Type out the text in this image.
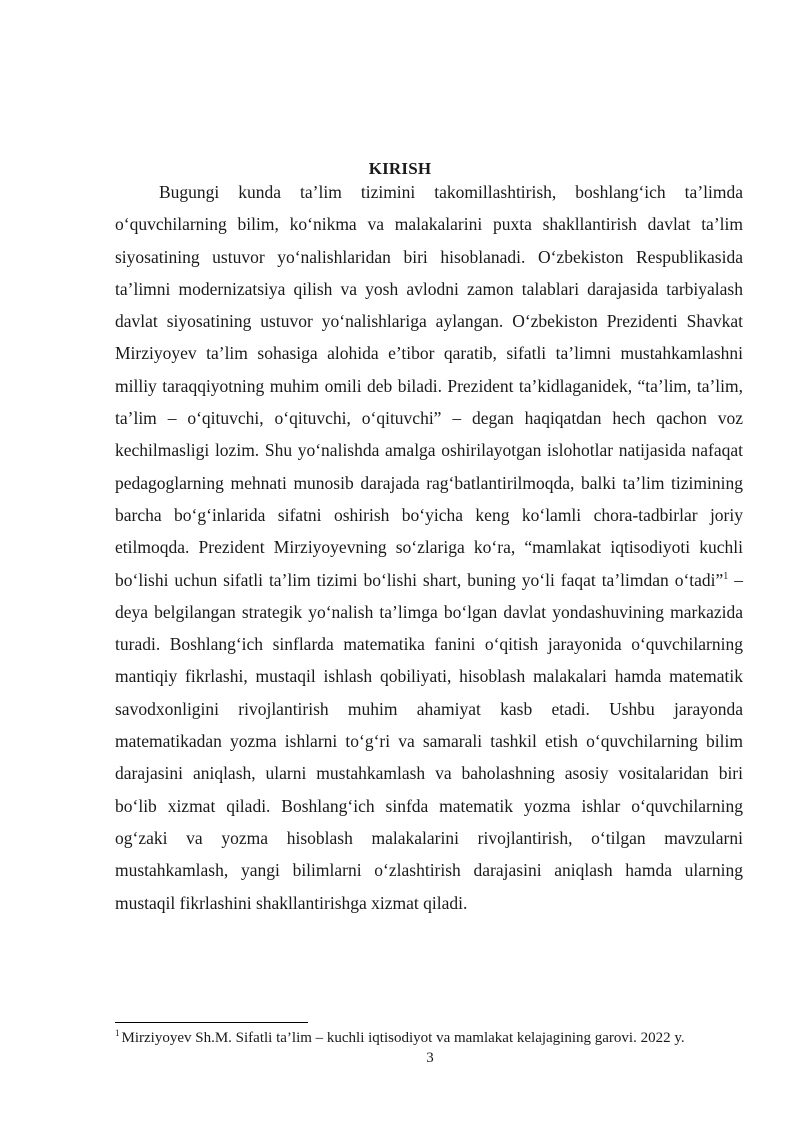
KIRISH

Bugungi kunda ta’lim tizimini takomillashtirish, boshlang‘ich ta’limda o‘quvchilarning bilim, ko‘nikma va malakalarini puxta shakllantirish davlat ta’lim siyosatining ustuvor yo‘nalishlaridan biri hisoblanadi. O‘zbekiston Respublikasida ta’limni modernizatsiya qilish va yosh avlodni zamon talablari darajasida tarbiyalash davlat siyosatining ustuvor yo‘nalishlariga aylangan. O‘zbekiston Prezidenti Shavkat Mirziyoyev ta’lim sohasiga alohida e’tibor qaratib, sifatli ta’limni mustahkamlashni milliy taraqqiyotning muhim omili deb biladi. Prezident ta’kidlaganidek, “ta’lim, ta’lim, ta’lim – o‘qituvchi, o‘qituvchi, o‘qituvchi” – degan haqiqatdan hech qachon voz kechilmasligi lozim. Shu yo‘nalishda amalga oshirilayotgan islohotlar natijasida nafaqat pedagoglarning mehnati munosib darajada rag‘batlantirilmoqda, balki ta’lim tizimining barcha bo‘g‘inlarida sifatni oshirish bo‘yicha keng ko‘lamli chora-tadbirlar joriy etilmoqda. Prezident Mirziyoyevning so‘zlariga ko‘ra, “mamlakat iqtisodiyoti kuchli bo‘lishi uchun sifatli ta’lim tizimi bo‘lishi shart, buning yo‘li faqat ta’limdan o‘tadi”$^1$ – deya belgilangan strategik yo‘nalish ta’limga bo‘lgan davlat yondashuvining markazida turadi. Boshlang‘ich sinflarda matematika fanini o‘qitish jarayonida o‘quvchilarning mantiqiy fikrlashi, mustaqil ishlash qobiliyati, hisoblash malakalari hamda matematik savodxonligini rivojlantirish muhim ahamiyat kasb etadi. Ushbu jarayonda matematikadan yozma ishlarni to‘g‘ri va samarali tashkil etish o‘quvchilarning bilim darajasini aniqlash, ularni mustahkamlash va baholashning asosiy vositalaridan biri bo‘lib xizmat qiladi. Boshlang‘ich sinfda matematik yozma ishlar o‘quvchilarning og‘zaki va yozma hisoblash malakalarini rivojlantirish, o‘tilgan mavzularni mustahkamlash, yangi bilimlarni o‘zlashtirish darajasini aniqlash hamda ularning mustaqil fikrlashini shakllantirishga xizmat qiladi.

$^1$ Mirziyoyev Sh.M. Sifatli ta’lim – kuchli iqtisodiyot va mamlakat kelajagining garovi. 2022 y.
3
